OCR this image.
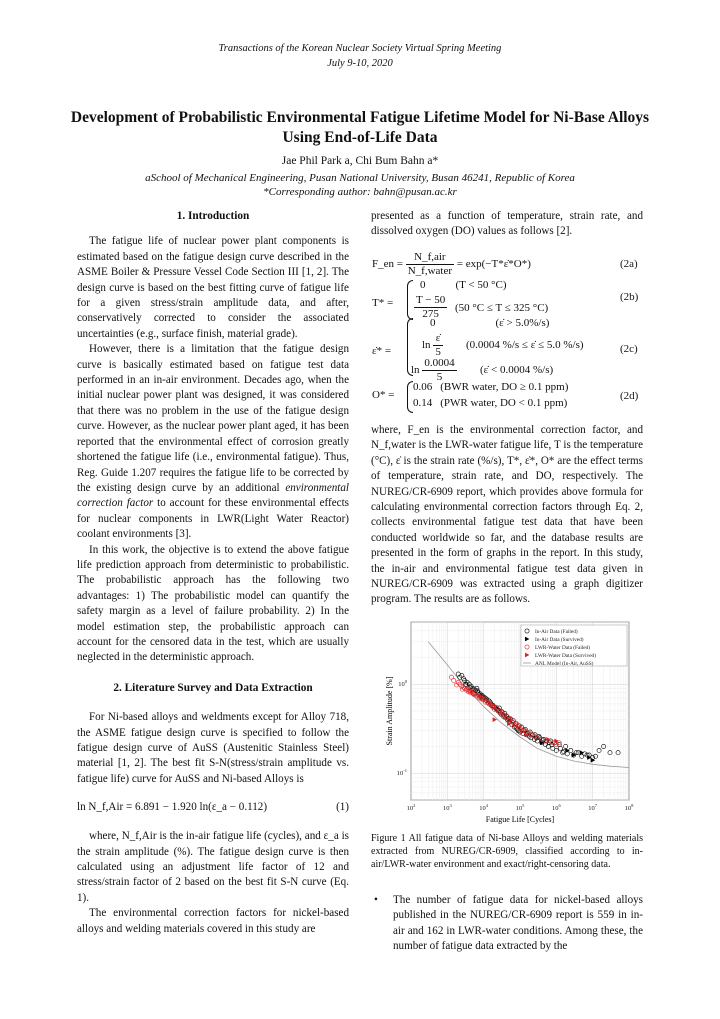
Transactions of the Korean Nuclear Society Virtual Spring Meeting
July 9-10, 2020
Development of Probabilistic Environmental Fatigue Lifetime Model for Ni-Base Alloys Using End-of-Life Data
Jae Phil Park a, Chi Bum Bahn a*
aSchool of Mechanical Engineering, Pusan National University, Busan 46241, Republic of Korea
*Corresponding author: bahn@pusan.ac.kr

1. Introduction

The fatigue life of nuclear power plant components is estimated based on the fatigue design curve described in the ASME Boiler & Pressure Vessel Code Section III [1, 2]. The design curve is based on the best fitting curve of fatigue life for a given stress/strain amplitude data, and after, conservatively corrected to consider the associated uncertainties (e.g., surface finish, material grade).

However, there is a limitation that the fatigue design curve is basically estimated based on fatigue test data performed in an in-air environment. Decades ago, when the initial nuclear power plant was designed, it was considered that there was no problem in the use of the fatigue design curve. However, as the nuclear power plant aged, it has been reported that the environmental effect of corrosion greatly shortened the fatigue life (i.e., environmental fatigue). Thus, Reg. Guide 1.207 requires the fatigue life to be corrected by the existing design curve by an additional environmental correction factor to account for these environmental effects for nuclear components in LWR(Light Water Reactor) coolant environments [3].

In this work, the objective is to extend the above fatigue life prediction approach from deterministic to probabilistic. The probabilistic approach has the following two advantages: 1) The probabilistic model can quantify the safety margin as a level of failure probability. 2) In the model estimation step, the probabilistic approach can account for the censored data in the test, which are usually neglected in the deterministic approach.

2. Literature Survey and Data Extraction

For Ni-based alloys and weldments except for Alloy 718, the ASME fatigue design curve is specified to follow the fatigue design curve of AuSS (Austenitic Stainless Steel) material [1, 2]. The best fit S-N(stress/strain amplitude vs. fatigue life) curve for AuSS and Ni-based Alloys is

ln N_f,Air = 6.891 − 1.920 ln(ε_a − 0.112)	(1)

where, N_f,Air is the in-air fatigue life (cycles), and ε_a is the strain amplitude (%). The fatigue design curve is then calculated using an adjustment life factor of 12 and stress/strain factor of 2 based on the best fit S-N curve (Eq. 1).

The environmental correction factors for nickel-based alloys and welding materials covered in this study are

presented as a function of temperature, strain rate, and dissolved oxygen (DO) values as follows [2].

F_en = $\frac{\text{N\_f,air}}{\text{N\_f,water}}$ = exp(−T*ε̇*O*)	(2a)
T* =
0	(T < 50 °C)
$\frac{T - 50}{275} (50$ °C ≤ T ≤ 325 °C)
(2b)
ε̇* =
0	(ε̇ > 5.0%/s)
$\ln \frac{\varepsiloṅ}{5} (0.0004$ %/s ≤ ε̇ ≤ 5.0 %/s)
$\ln \frac{0.0004}{5}$ (ε̇ < 0.0004 %/s)
(2c)
O* =
0.06 (BWR water, DO ≥ 0.1 ppm)
0.14 (PWR water, DO < 0.1 ppm)
(2d)

where, F_en is the environmental correction factor, and N_f,water is the LWR-water fatigue life, T is the temperature (°C), ε̇ is the strain rate (%/s), T*, ε̇*, O* are the effect terms of temperature, strain rate, and DO, respectively. The NUREG/CR-6909 report, which provides above formula for calculating environmental correction factors through Eq. 2, collects environmental fatigue test data that have been conducted worldwide so far, and the database results are presented in the form of graphs in the report. In this study, the in-air and environmental fatigue test data given in NUREG/CR-6909 was extracted using a graph digitizer program. The results are as follows.

$10^2$	$10^3$	$10^4$	$10^5$	$10^6$	$10^7$	$10^8$
$10^{-1}$
$10^0$
In-Air Data (Failed)
In-Air Data (Survived)
LWR-Water Data (Failed)
LWR-Water Data (Survived)
ANL Model (In-Air, AuSS)
Fatigue Life [Cycles]
Strain Amplitude [%]
Figure 1 All fatigue data of Ni-base Alloys and welding materials extracted from NUREG/CR-6909, classified according to in-air/LWR-water environment and exact/right-censoring data.
• The number of fatigue data for nickel-based alloys published in the NUREG/CR-6909 report is 559 in in-air and 162 in LWR-water conditions. Among these, the number of fatigue data extracted by the
